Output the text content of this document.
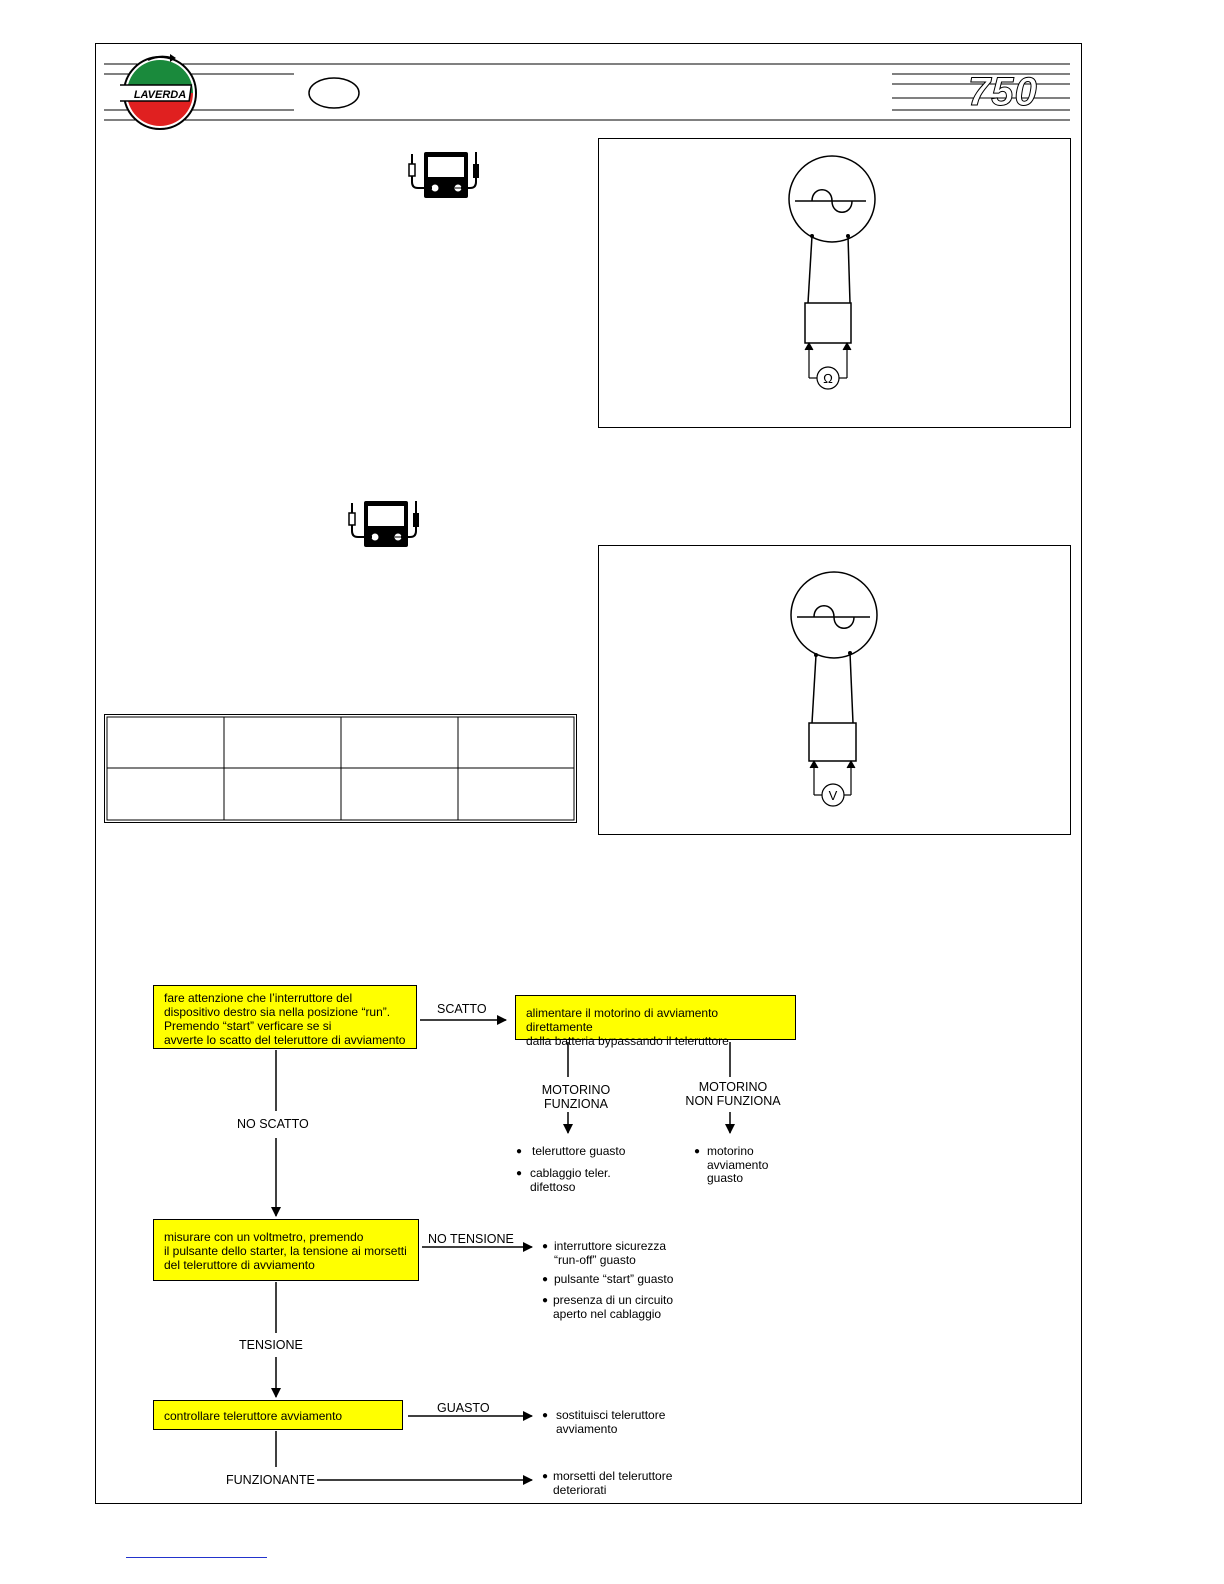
LAVERDA	750
Ω
V
fare attenzione che l’interruttore del
dispositivo destro sia nella posizione “run”.
Premendo “start” verficare se si
avverte lo scatto del teleruttore di avviamento
SCATTO	alimentare il motorino di avviamento direttamente
dalla batteria bypassando il teleruttore
MOTORINO
FUNZIONA
MOTORINO
NON FUNZIONA
● teleruttore guasto
● cablaggio teler.
difettoso
● motorino
avviamento
guasto
NO SCATTO
misurare con un voltmetro, premendo
il pulsante dello starter, la tensione ai morsetti
del teleruttore di avviamento
NO TENSIONE	● interruttore sicurezza
“run-off” guasto
● pulsante “start” guasto
● presenza di un circuito
aperto nel cablaggio
TENSIONE
controllare teleruttore avviamento
GUASTO	● sostituisci teleruttore
avviamento
FUNZIONANTE	● morsetti del teleruttore
deteriorati
